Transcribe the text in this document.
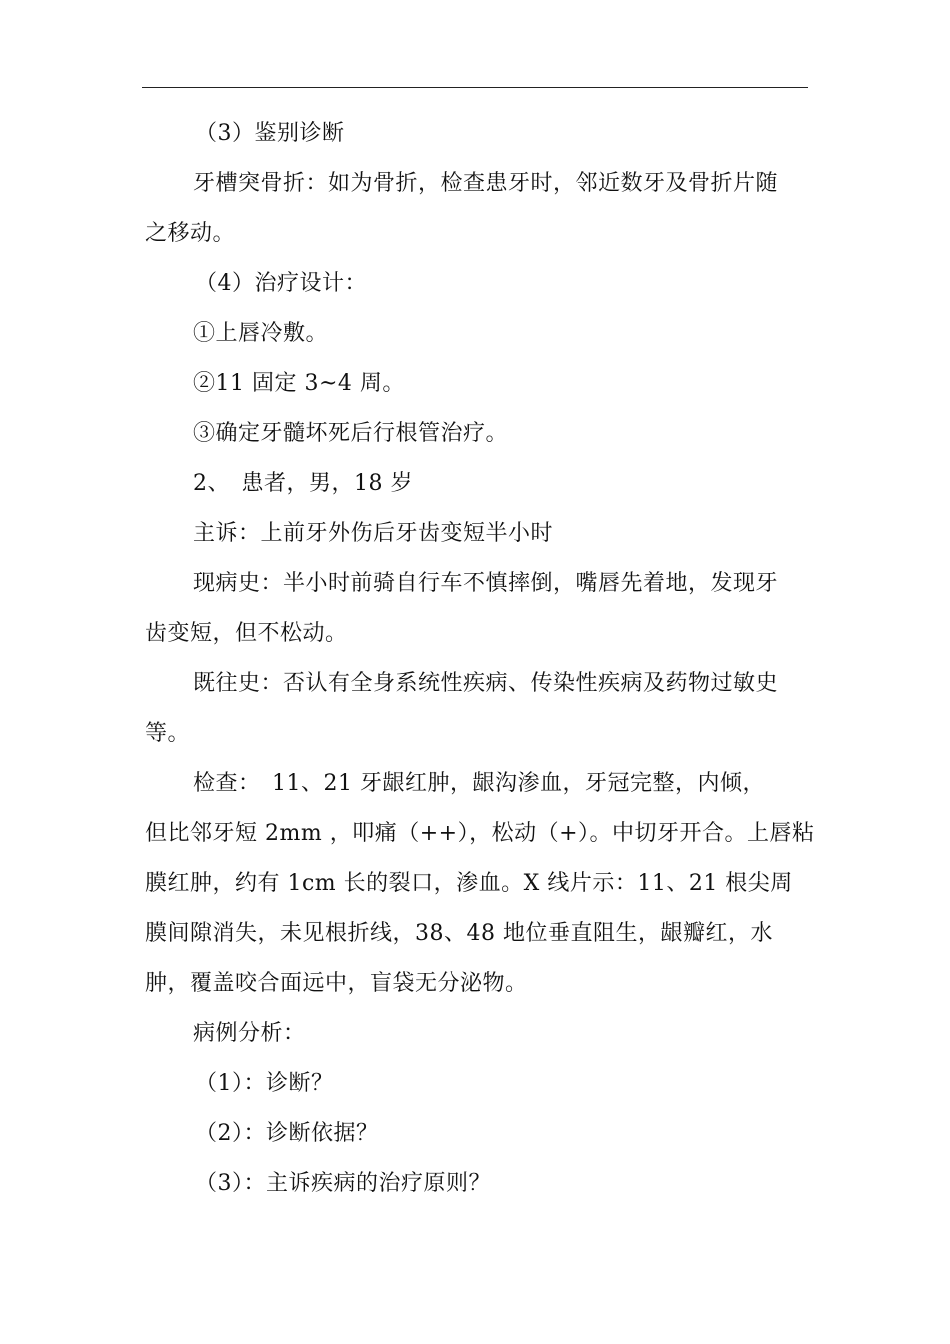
（3）鉴别诊断
牙槽突骨折：如为骨折，检查患牙时，邻近数牙及骨折片随
之移动。
（4）治疗设计：
①上唇冷敷。
②11 固定 3~4 周。
③确定牙髓坏死后行根管治疗。
2、　患者，男，18 岁
主诉：上前牙外伤后牙齿变短半小时
现病史：半小时前骑自行车不慎摔倒，嘴唇先着地，发现牙
齿变短，但不松动。
既往史：否认有全身系统性疾病、传染性疾病及药物过敏史
等。
检查：　11、21 牙龈红肿，龈沟渗血，牙冠完整，内倾，
但比邻牙短 2mm ，叩痛（++），松动（+）。中切牙开合。上唇粘
膜红肿，约有 1cm 长的裂口，渗血。X 线片示：11、21 根尖周
膜间隙消失，未见根折线，38、48 地位垂直阻生，龈瓣红，水
肿，覆盖咬合面远中，盲袋无分泌物。
病例分析：
（1）：诊断？
（2）：诊断依据？
（3）：主诉疾病的治疗原则？
